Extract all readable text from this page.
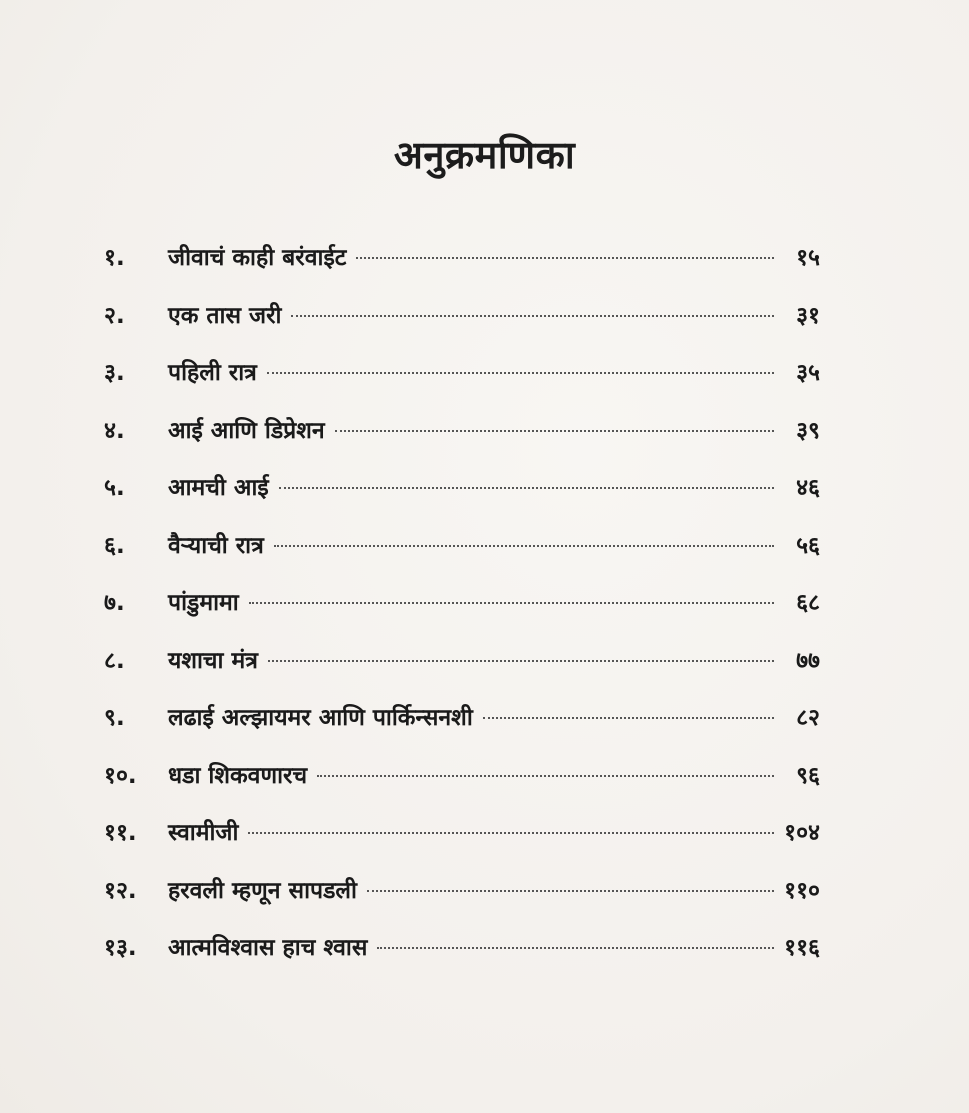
अनुक्रमणिका
१.	जीवाचं काही बरंवाईट	१५
२.	एक तास जरी	३१
३.	पहिली रात्र	३५
४.	आई आणि डिप्रेशन	३९
५.	आमची आई	४६
६.	वैऱ्याची रात्र	५६
७.	पांडुमामा	६८
८.	यशाचा मंत्र	७७
९.	लढाई अल्झायमर आणि पार्किन्सनशी	८२
१०.	धडा शिकवणारच	९६
११.	स्वामीजी	१०४
१२.	हरवली म्हणून सापडली	११०
१३.	आत्मविश्वास हाच श्वास	११६
